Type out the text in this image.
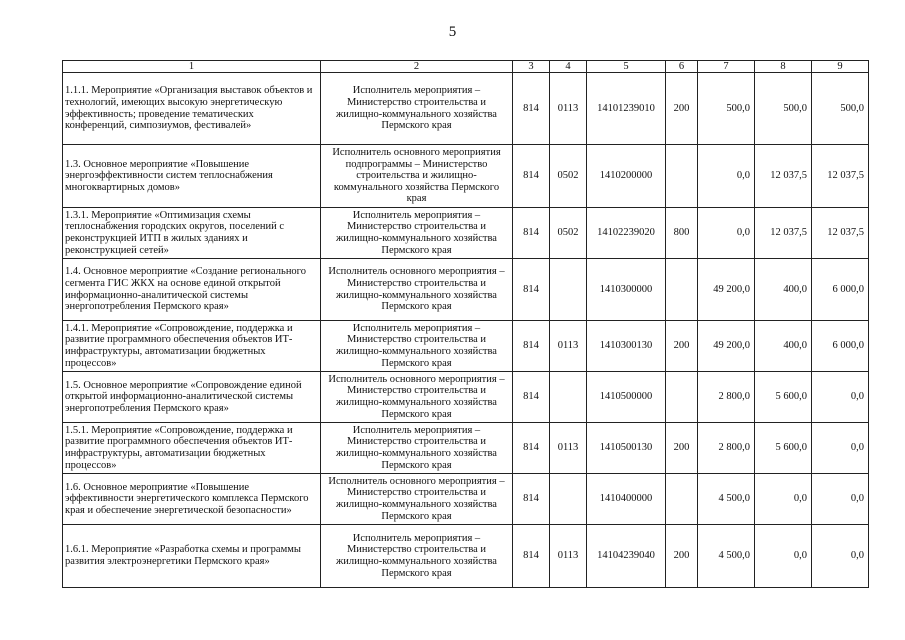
5
1	2	3	4	5	6	7	8	9
1.1.1. Мероприятие «Организация выставок объектов и технологий, имеющих высокую энергетическую эффективность; проведение тематических конференций, симпозиумов, фестивалей»	Исполнитель мероприятия – Министерство строительства и жилищно-коммунального хозяйства Пермского края	814	0113	14101239010	200	500,0	500,0	500,0
1.3. Основное мероприятие «Повышение энергоэффективности систем теплоснабжения многоквартирных домов»	Исполнитель основного мероприятия подпрограммы – Министерство строительства и жилищно-коммунального хозяйства Пермского края	814	0502	1410200000		0,0	12 037,5	12 037,5
1.3.1. Мероприятие «Оптимизация схемы теплоснабжения городских округов, поселений с реконструкцией ИТП в жилых зданиях и реконструкцией сетей»	Исполнитель мероприятия – Министерство строительства и жилищно-коммунального хозяйства Пермского края	814	0502	14102239020	800	0,0	12 037,5	12 037,5
1.4. Основное мероприятие «Создание регионального сегмента ГИС ЖКХ на основе единой открытой информационно-аналитической системы энергопотребления Пермского края»	Исполнитель основного мероприятия – Министерство строительства и жилищно-коммунального хозяйства Пермского края	814		1410300000		49 200,0	400,0	6 000,0
1.4.1. Мероприятие «Сопровождение, поддержка и развитие программного обеспечения объектов ИТ-инфраструктуры, автоматизации бюджетных процессов»	Исполнитель мероприятия – Министерство строительства и жилищно-коммунального хозяйства Пермского края	814	0113	1410300130	200	49 200,0	400,0	6 000,0
1.5. Основное мероприятие «Сопровождение единой открытой информационно-аналитической системы энергопотребления Пермского края»	Исполнитель основного мероприятия – Министерство строительства и жилищно-коммунального хозяйства Пермского края	814		1410500000		2 800,0	5 600,0	0,0
1.5.1. Мероприятие «Сопровождение, поддержка и развитие программного обеспечения объектов ИТ-инфраструктуры, автоматизации бюджетных процессов»	Исполнитель мероприятия – Министерство строительства и жилищно-коммунального хозяйства Пермского края	814	0113	1410500130	200	2 800,0	5 600,0	0,0
1.6. Основное мероприятие «Повышение эффективности энергетического комплекса Пермского края и обеспечение энергетической безопасности»	Исполнитель основного мероприятия – Министерство строительства и жилищно-коммунального хозяйства Пермского края	814		1410400000		4 500,0	0,0	0,0
1.6.1. Мероприятие «Разработка схемы и программы развития электроэнергетики Пермского края»	Исполнитель мероприятия – Министерство строительства и жилищно-коммунального хозяйства Пермского края	814	0113	14104239040	200	4 500,0	0,0	0,0
